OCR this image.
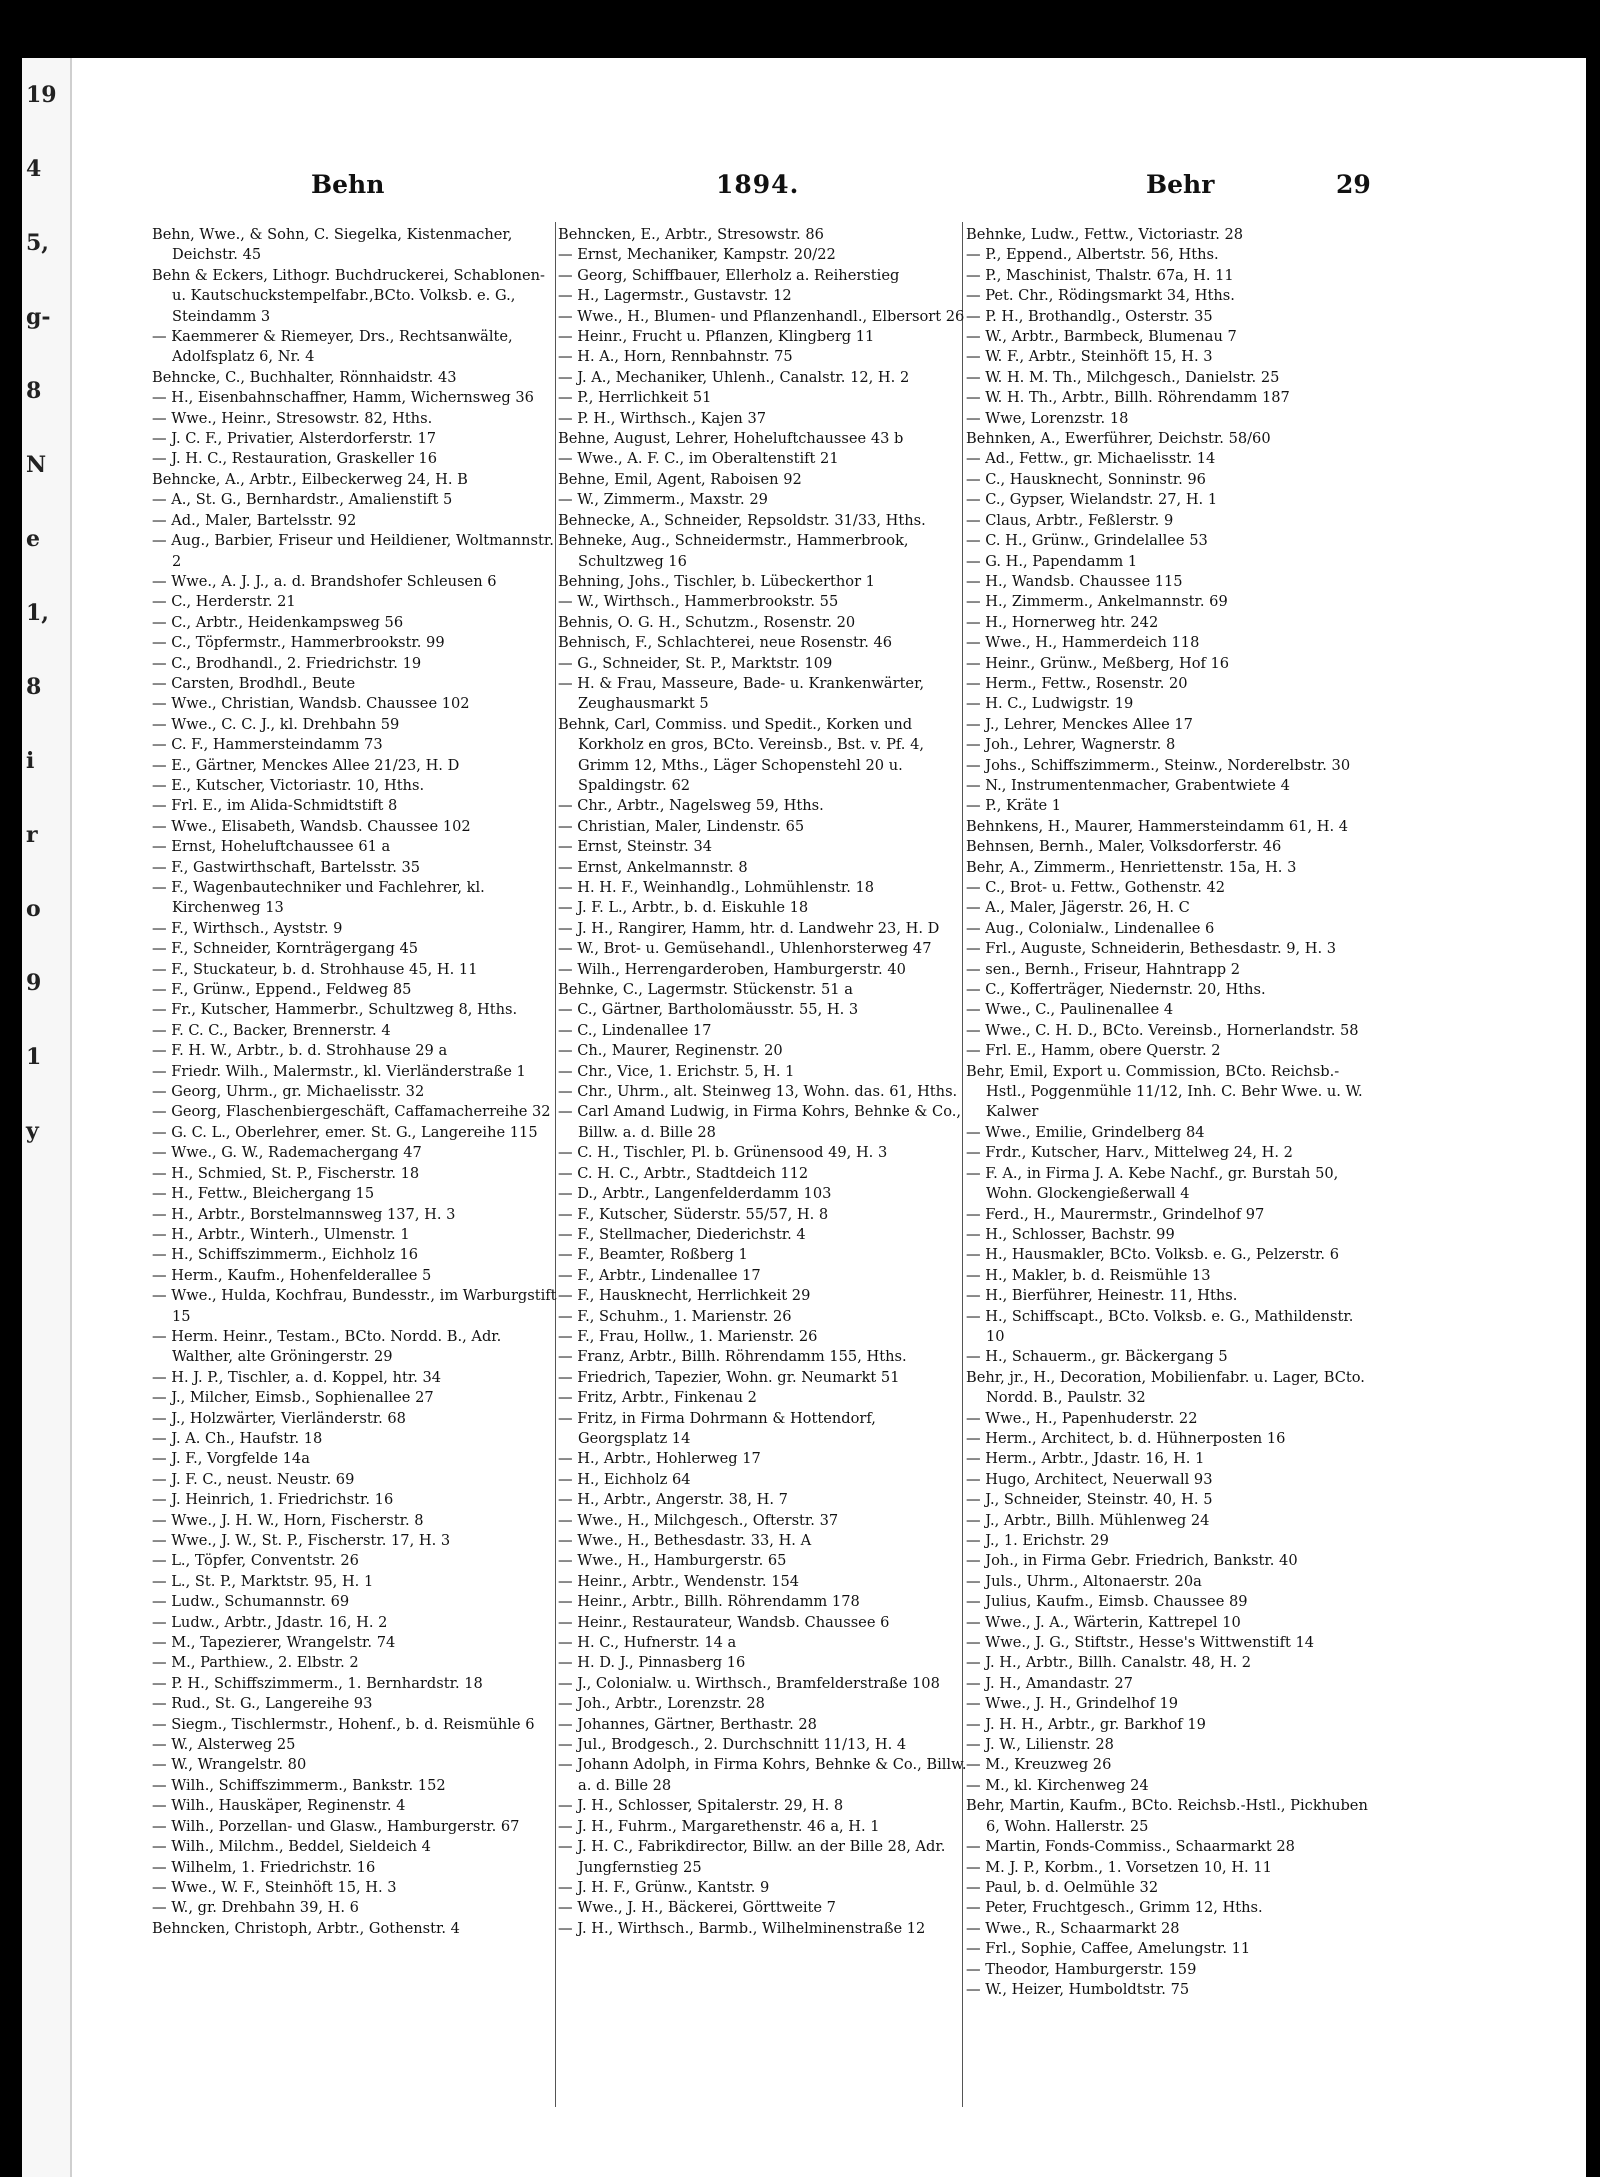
19
4
5,
g-
8
N
e
1,
8
i
r
o
9
1
y
Behn	1894.	Behr	29

Behn, Wwe., & Sohn, C. Siegelka, Kistenmacher, Deichstr. 45

Behn & Eckers, Lithogr. Buchdruckerei, Schablonen- u. Kautschuckstempelfabr.,BCto. Volksb. e. G., Steindamm 3

— Kaemmerer & Riemeyer, Drs., Rechtsanwälte, Adolfsplatz 6, Nr. 4

Behncke, C., Buchhalter, Rönnhaidstr. 43

— H., Eisenbahnschaffner, Hamm, Wichernsweg 36

— Wwe., Heinr., Stresowstr. 82, Hths.

— J. C. F., Privatier, Alsterdorferstr. 17

— J. H. C., Restauration, Graskeller 16

Behncke, A., Arbtr., Eilbeckerweg 24, H. B

— A., St. G., Bernhardstr., Amalienstift 5

— Ad., Maler, Bartelsstr. 92

— Aug., Barbier, Friseur und Heildiener, Woltmannstr. 2

— Wwe., A. J. J., a. d. Brandshofer Schleusen 6

— C., Herderstr. 21

— C., Arbtr., Heidenkampsweg 56

— C., Töpfermstr., Hammerbrookstr. 99

— C., Brodhandl., 2. Friedrichstr. 19

— Carsten, Brodhdl., Beute

— Wwe., Christian, Wandsb. Chaussee 102

— Wwe., C. C. J., kl. Drehbahn 59

— C. F., Hammersteindamm 73

— E., Gärtner, Menckes Allee 21/23, H. D

— E., Kutscher, Victoriastr. 10, Hths.

— Frl. E., im Alida-Schmidtstift 8

— Wwe., Elisabeth, Wandsb. Chaussee 102

— Ernst, Hoheluftchaussee 61 a

— F., Gastwirthschaft, Bartelsstr. 35

— F., Wagenbautechniker und Fachlehrer, kl. Kirchenweg 13

— F., Wirthsch., Ayststr. 9

— F., Schneider, Kornträgergang 45

— F., Stuckateur, b. d. Strohhause 45, H. 11

— F., Grünw., Eppend., Feldweg 85

— Fr., Kutscher, Hammerbr., Schultzweg 8, Hths.

— F. C. C., Backer, Brennerstr. 4

— F. H. W., Arbtr., b. d. Strohhause 29 a

— Friedr. Wilh., Malermstr., kl. Vierländerstraße 1

— Georg, Uhrm., gr. Michaelisstr. 32

— Georg, Flaschenbiergeschäft, Caffamacherreihe 32

— G. C. L., Oberlehrer, emer. St. G., Langereihe 115

— Wwe., G. W., Rademachergang 47

— H., Schmied, St. P., Fischerstr. 18

— H., Fettw., Bleichergang 15

— H., Arbtr., Borstelmannsweg 137, H. 3

— H., Arbtr., Winterh., Ulmenstr. 1

— H., Schiffszimmerm., Eichholz 16

— Herm., Kaufm., Hohenfelderallee 5

— Wwe., Hulda, Kochfrau, Bundesstr., im Warburgstift 15

— Herm. Heinr., Testam., BCto. Nordd. B., Adr. Walther, alte Gröningerstr. 29

— H. J. P., Tischler, a. d. Koppel, htr. 34

— J., Milcher, Eimsb., Sophienallee 27

— J., Holzwärter, Vierländerstr. 68

— J. A. Ch., Haufstr. 18

— J. F., Vorgfelde 14a

— J. F. C., neust. Neustr. 69

— J. Heinrich, 1. Friedrichstr. 16

— Wwe., J. H. W., Horn, Fischerstr. 8

— Wwe., J. W., St. P., Fischerstr. 17, H. 3

— L., Töpfer, Conventstr. 26

— L., St. P., Marktstr. 95, H. 1

— Ludw., Schumannstr. 69

— Ludw., Arbtr., Jdastr. 16, H. 2

— M., Tapezierer, Wrangelstr. 74

— M., Parthiew., 2. Elbstr. 2

— P. H., Schiffszimmerm., 1. Bernhardstr. 18

— Rud., St. G., Langereihe 93

— Siegm., Tischlermstr., Hohenf., b. d. Reismühle 6

— W., Alsterweg 25

— W., Wrangelstr. 80

— Wilh., Schiffszimmerm., Bankstr. 152

— Wilh., Hauskäper, Reginenstr. 4

— Wilh., Porzellan- und Glasw., Hamburgerstr. 67

— Wilh., Milchm., Beddel, Sieldeich 4

— Wilhelm, 1. Friedrichstr. 16

— Wwe., W. F., Steinhöft 15, H. 3

— W., gr. Drehbahn 39, H. 6

Behncken, Christoph, Arbtr., Gothenstr. 4

Behncken, E., Arbtr., Stresowstr. 86

— Ernst, Mechaniker, Kampstr. 20/22

— Georg, Schiffbauer, Ellerholz a. Reiherstieg

— H., Lagermstr., Gustavstr. 12

— Wwe., H., Blumen- und Pflanzenhandl., Elbersort 26

— Heinr., Frucht u. Pflanzen, Klingberg 11

— H. A., Horn, Rennbahnstr. 75

— J. A., Mechaniker, Uhlenh., Canalstr. 12, H. 2

— P., Herrlichkeit 51

— P. H., Wirthsch., Kajen 37

Behne, August, Lehrer, Hoheluftchaussee 43 b

— Wwe., A. F. C., im Oberaltenstift 21

Behne, Emil, Agent, Raboisen 92

— W., Zimmerm., Maxstr. 29

Behnecke, A., Schneider, Repsoldstr. 31/33, Hths.

Behneke, Aug., Schneidermstr., Hammerbrook, Schultzweg 16

Behning, Johs., Tischler, b. Lübeckerthor 1

— W., Wirthsch., Hammerbrookstr. 55

Behnis, O. G. H., Schutzm., Rosenstr. 20

Behnisch, F., Schlachterei, neue Rosenstr. 46

— G., Schneider, St. P., Marktstr. 109

— H. & Frau, Masseure, Bade- u. Krankenwärter, Zeughausmarkt 5

Behnk, Carl, Commiss. und Spedit., Korken und Korkholz en gros, BCto. Vereinsb., Bst. v. Pf. 4, Grimm 12, Mths., Läger Schopenstehl 20 u. Spaldingstr. 62

— Chr., Arbtr., Nagelsweg 59, Hths.

— Christian, Maler, Lindenstr. 65

— Ernst, Steinstr. 34

— Ernst, Ankelmannstr. 8

— H. H. F., Weinhandlg., Lohmühlenstr. 18

— J. F. L., Arbtr., b. d. Eiskuhle 18

— J. H., Rangirer, Hamm, htr. d. Landwehr 23, H. D

— W., Brot- u. Gemüsehandl., Uhlenhorsterweg 47

— Wilh., Herrengarderoben, Hamburgerstr. 40

Behnke, C., Lagermstr. Stückenstr. 51 a

— C., Gärtner, Bartholomäusstr. 55, H. 3

— C., Lindenallee 17

— Ch., Maurer, Reginenstr. 20

— Chr., Vice, 1. Erichstr. 5, H. 1

— Chr., Uhrm., alt. Steinweg 13, Wohn. das. 61, Hths.

— Carl Amand Ludwig, in Firma Kohrs, Behnke & Co., Billw. a. d. Bille 28

— C. H., Tischler, Pl. b. Grünensood 49, H. 3

— C. H. C., Arbtr., Stadtdeich 112

— D., Arbtr., Langenfelderdamm 103

— F., Kutscher, Süderstr. 55/57, H. 8

— F., Stellmacher, Diederichstr. 4

— F., Beamter, Roßberg 1

— F., Arbtr., Lindenallee 17

— F., Hausknecht, Herrlichkeit 29

— F., Schuhm., 1. Marienstr. 26

— F., Frau, Hollw., 1. Marienstr. 26

— Franz, Arbtr., Billh. Röhrendamm 155, Hths.

— Friedrich, Tapezier, Wohn. gr. Neumarkt 51

— Fritz, Arbtr., Finkenau 2

— Fritz, in Firma Dohrmann & Hottendorf, Georgsplatz 14

— H., Arbtr., Hohlerweg 17

— H., Eichholz 64

— H., Arbtr., Angerstr. 38, H. 7

— Wwe., H., Milchgesch., Ofterstr. 37

— Wwe., H., Bethesdastr. 33, H. A

— Wwe., H., Hamburgerstr. 65

— Heinr., Arbtr., Wendenstr. 154

— Heinr., Arbtr., Billh. Röhrendamm 178

— Heinr., Restaurateur, Wandsb. Chaussee 6

— H. C., Hufnerstr. 14 a

— H. D. J., Pinnasberg 16

— J., Colonialw. u. Wirthsch., Bramfelderstraße 108

— Joh., Arbtr., Lorenzstr. 28

— Johannes, Gärtner, Berthastr. 28

— Jul., Brodgesch., 2. Durchschnitt 11/13, H. 4

— Johann Adolph, in Firma Kohrs, Behnke & Co., Billw. a. d. Bille 28

— J. H., Schlosser, Spitalerstr. 29, H. 8

— J. H., Fuhrm., Margarethenstr. 46 a, H. 1

— J. H. C., Fabrikdirector, Billw. an der Bille 28, Adr. Jungfernstieg 25

— J. H. F., Grünw., Kantstr. 9

— Wwe., J. H., Bäckerei, Görttweite 7

— J. H., Wirthsch., Barmb., Wilhelminenstraße 12

Behnke, Ludw., Fettw., Victoriastr. 28

— P., Eppend., Albertstr. 56, Hths.

— P., Maschinist, Thalstr. 67a, H. 11

— Pet. Chr., Rödingsmarkt 34, Hths.

— P. H., Brothandlg., Osterstr. 35

— W., Arbtr., Barmbeck, Blumenau 7

— W. F., Arbtr., Steinhöft 15, H. 3

— W. H. M. Th., Milchgesch., Danielstr. 25

— W. H. Th., Arbtr., Billh. Röhrendamm 187

— Wwe, Lorenzstr. 18

Behnken, A., Ewerführer, Deichstr. 58/60

— Ad., Fettw., gr. Michaelisstr. 14

— C., Hausknecht, Sonninstr. 96

— C., Gypser, Wielandstr. 27, H. 1

— Claus, Arbtr., Feßlerstr. 9

— C. H., Grünw., Grindelallee 53

— G. H., Papendamm 1

— H., Wandsb. Chaussee 115

— H., Zimmerm., Ankelmannstr. 69

— H., Hornerweg htr. 242

— Wwe., H., Hammerdeich 118

— Heinr., Grünw., Meßberg, Hof 16

— Herm., Fettw., Rosenstr. 20

— H. C., Ludwigstr. 19

— J., Lehrer, Menckes Allee 17

— Joh., Lehrer, Wagnerstr. 8

— Johs., Schiffszimmerm., Steinw., Norderelbstr. 30

— N., Instrumentenmacher, Grabentwiete 4

— P., Kräte 1

Behnkens, H., Maurer, Hammersteindamm 61, H. 4

Behnsen, Bernh., Maler, Volksdorferstr. 46

Behr, A., Zimmerm., Henriettenstr. 15a, H. 3

— C., Brot- u. Fettw., Gothenstr. 42

— A., Maler, Jägerstr. 26, H. C

— Aug., Colonialw., Lindenallee 6

— Frl., Auguste, Schneiderin, Bethesdastr. 9, H. 3

— sen., Bernh., Friseur, Hahntrapp 2

— C., Kofferträger, Niedernstr. 20, Hths.

— Wwe., C., Paulinenallee 4

— Wwe., C. H. D., BCto. Vereinsb., Hornerlandstr. 58

— Frl. E., Hamm, obere Querstr. 2

Behr, Emil, Export u. Commission, BCto. Reichsb.-Hstl., Poggenmühle 11/12, Inh. C. Behr Wwe. u. W. Kalwer

— Wwe., Emilie, Grindelberg 84

— Frdr., Kutscher, Harv., Mittelweg 24, H. 2

— F. A., in Firma J. A. Kebe Nachf., gr. Burstah 50, Wohn. Glockengießerwall 4

— Ferd., H., Maurermstr., Grindelhof 97

— H., Schlosser, Bachstr. 99

— H., Hausmakler, BCto. Volksb. e. G., Pelzerstr. 6

— H., Makler, b. d. Reismühle 13

— H., Bierführer, Heinestr. 11, Hths.

— H., Schiffscapt., BCto. Volksb. e. G., Mathildenstr. 10

— H., Schauerm., gr. Bäckergang 5

Behr, jr., H., Decoration, Mobilienfabr. u. Lager, BCto. Nordd. B., Paulstr. 32

— Wwe., H., Papenhuderstr. 22

— Herm., Architect, b. d. Hühnerposten 16

— Herm., Arbtr., Jdastr. 16, H. 1

— Hugo, Architect, Neuerwall 93

— J., Schneider, Steinstr. 40, H. 5

— J., Arbtr., Billh. Mühlenweg 24

— J., 1. Erichstr. 29

— Joh., in Firma Gebr. Friedrich, Bankstr. 40

— Juls., Uhrm., Altonaerstr. 20a

— Julius, Kaufm., Eimsb. Chaussee 89

— Wwe., J. A., Wärterin, Kattrepel 10

— Wwe., J. G., Stiftstr., Hesse's Wittwenstift 14

— J. H., Arbtr., Billh. Canalstr. 48, H. 2

— J. H., Amandastr. 27

— Wwe., J. H., Grindelhof 19

— J. H. H., Arbtr., gr. Barkhof 19

— J. W., Lilienstr. 28

— M., Kreuzweg 26

— M., kl. Kirchenweg 24

Behr, Martin, Kaufm., BCto. Reichsb.-Hstl., Pickhuben 6, Wohn. Hallerstr. 25

— Martin, Fonds-Commiss., Schaarmarkt 28

— M. J. P., Korbm., 1. Vorsetzen 10, H. 11

— Paul, b. d. Oelmühle 32

— Peter, Fruchtgesch., Grimm 12, Hths.

— Wwe., R., Schaarmarkt 28

— Frl., Sophie, Caffee, Amelungstr. 11

— Theodor, Hamburgerstr. 159

— W., Heizer, Humboldtstr. 75
